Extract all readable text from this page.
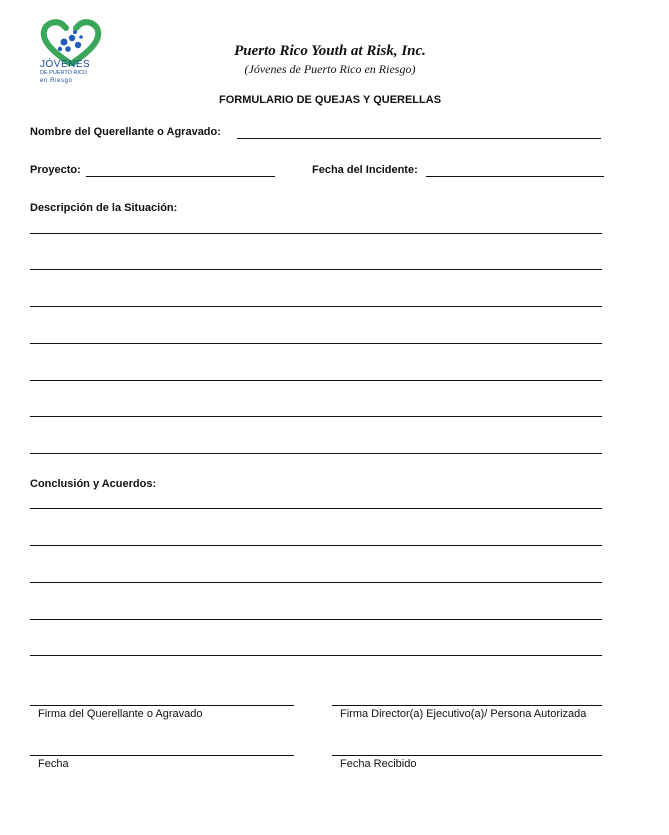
JÓVENES
DE PUERTO RICO
en Riesgo
Puerto Rico Youth at Risk, Inc.
(Jóvenes de Puerto Rico en Riesgo)
FORMULARIO DE QUEJAS Y QUERELLAS
Nombre del Querellante o Agravado:
Proyecto:	Fecha del Incidente:
Descripción de la Situación:
Conclusión y Acuerdos:
Firma del Querellante o Agravado	Firma Director(a) Ejecutivo(a)/ Persona Autorizada
Fecha	Fecha Recibido
